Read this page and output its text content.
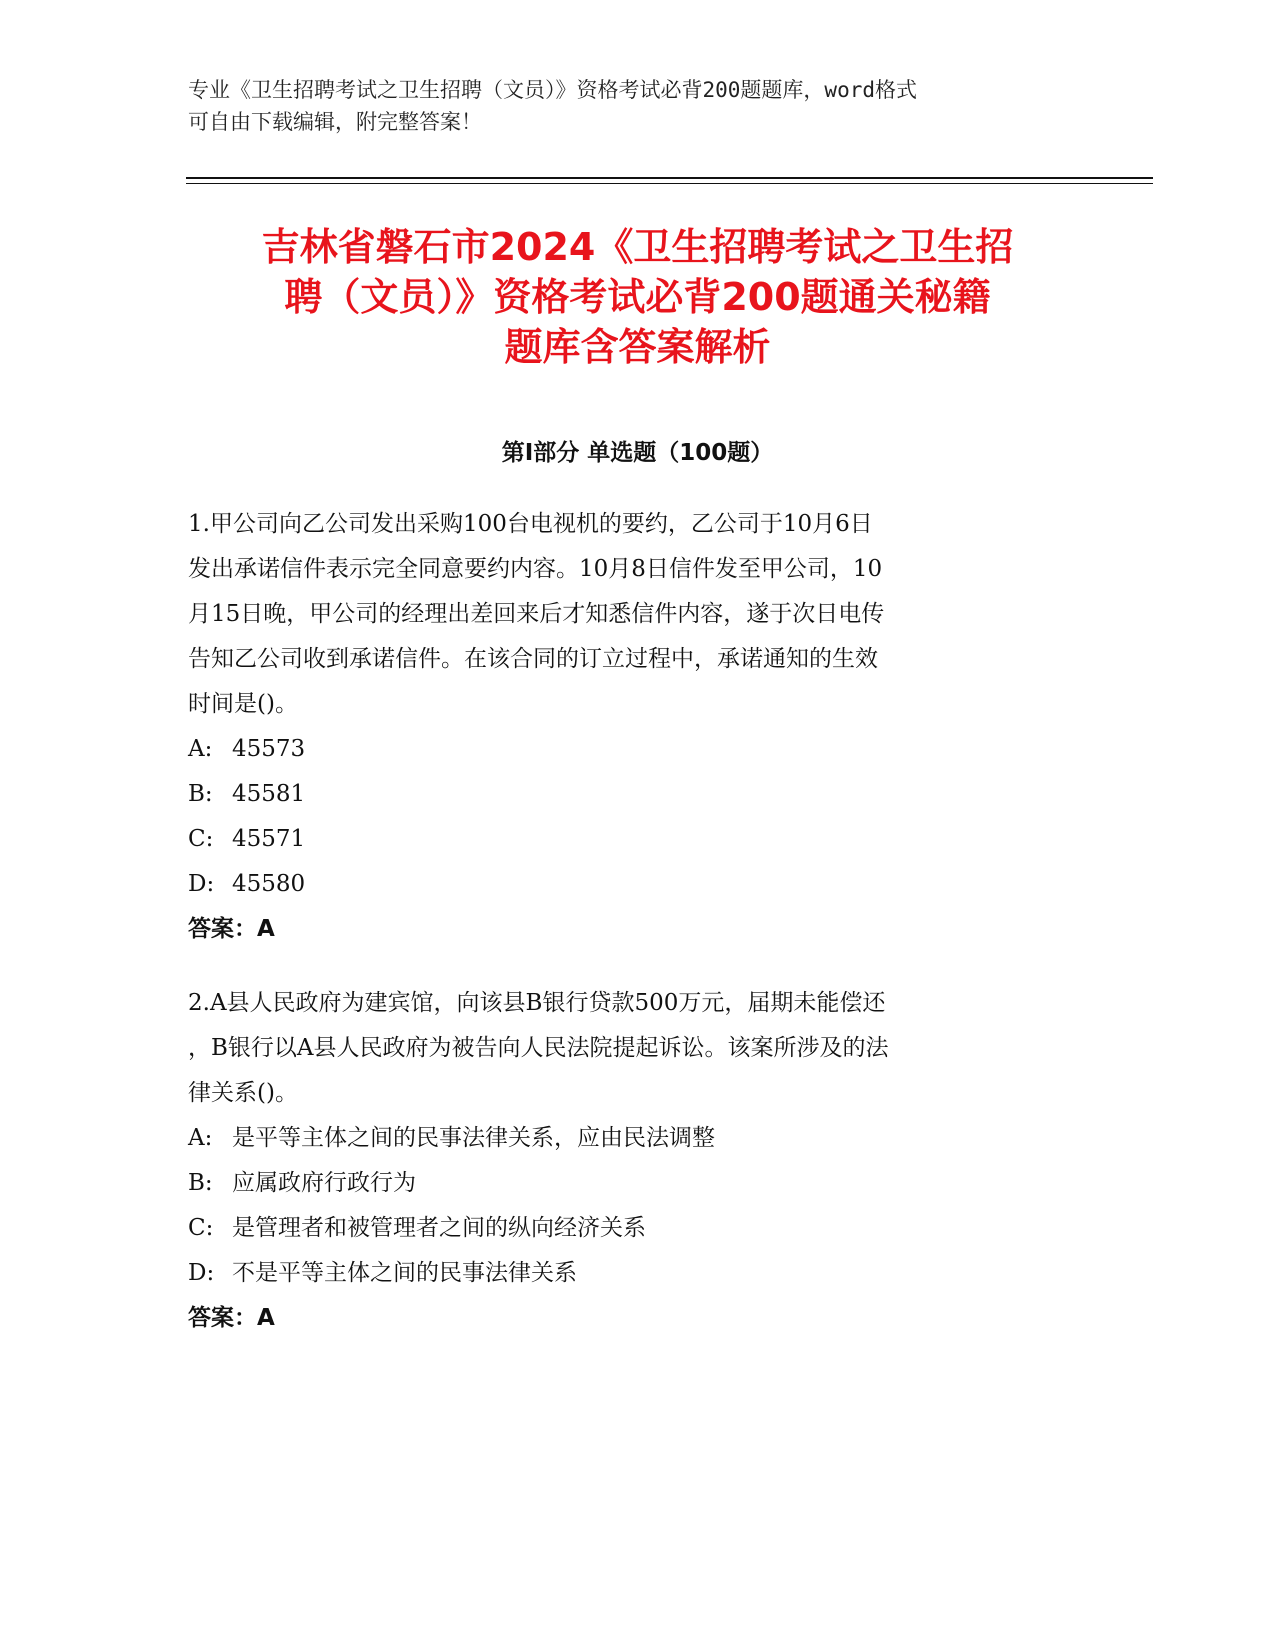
专业《卫生招聘考试之卫生招聘（文员）》资格考试必背200题题库，word格式
可自由下载编辑，附完整答案！
吉林省磐石市2024《卫生招聘考试之卫生招
聘（文员）》资格考试必背200题通关秘籍
题库含答案解析
第I部分 单选题（100题）
1.甲公司向乙公司发出采购100台电视机的要约，乙公司于10月6日
发出承诺信件表示完全同意要约内容。10月8日信件发至甲公司，10
月15日晚，甲公司的经理出差回来后才知悉信件内容，遂于次日电传
告知乙公司收到承诺信件。在该合同的订立过程中，承诺通知的生效
时间是()。
A: 45573
B: 45581
C: 45571
D: 45580
答案：A
2.A县人民政府为建宾馆，向该县B银行贷款500万元，届期未能偿还
，B银行以A县人民政府为被告向人民法院提起诉讼。该案所涉及的法
律关系()。
A: 是平等主体之间的民事法律关系，应由民法调整
B: 应属政府行政行为
C: 是管理者和被管理者之间的纵向经济关系
D: 不是平等主体之间的民事法律关系
答案：A
